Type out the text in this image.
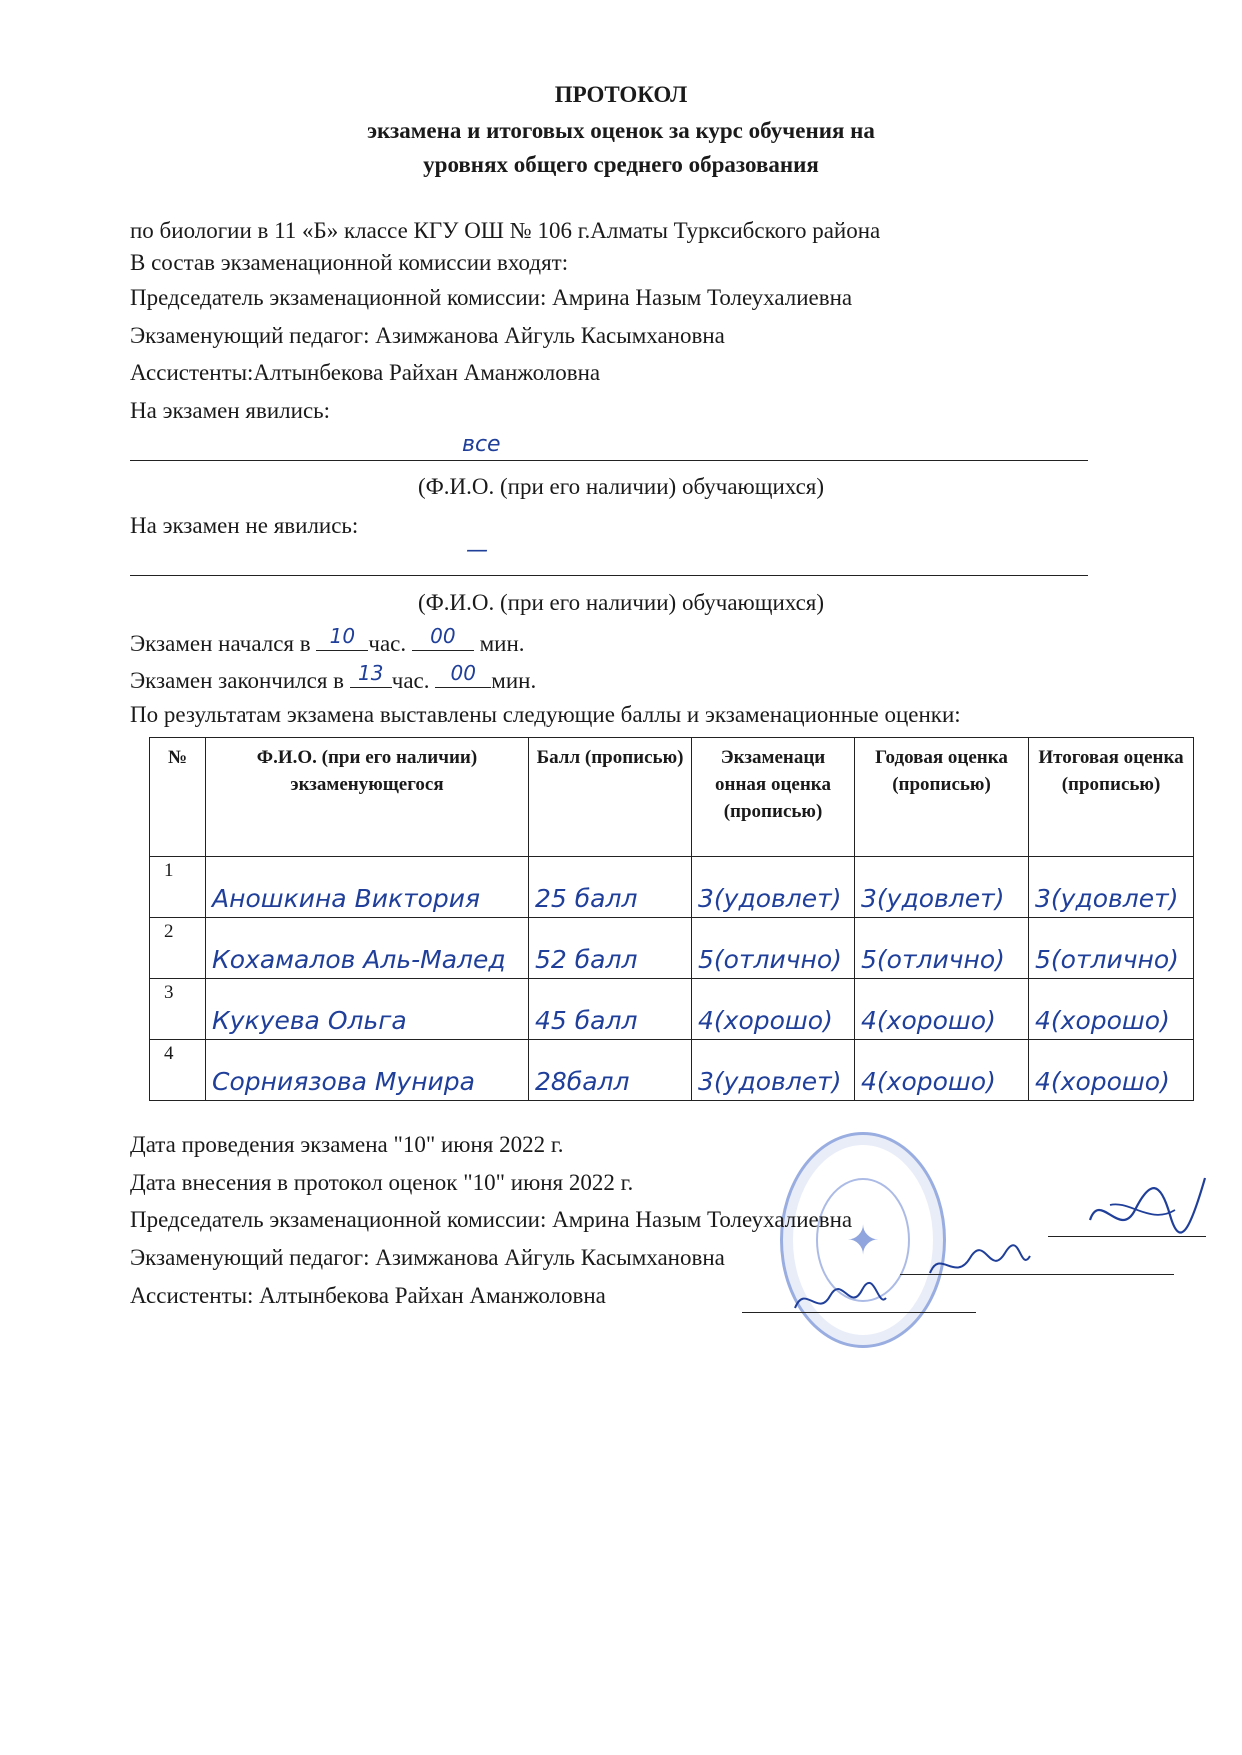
ПРОТОКОЛ
экзамена и итоговых оценок за курс обучения на
уровнях общего среднего образования
по биологии в 11 «Б» классе КГУ ОШ № 106 г.Алматы Турксибского района
В состав экзаменационной комиссии входят:
Председатель экзаменационной комиссии: Амрина Назым Толеухалиевна
Экзаменующий педагог: Азимжанова Айгуль Касымхановна
Ассистенты:Алтынбекова Райхан Аманжоловна
На экзамен явились:
все
(Ф.И.О. (при его наличии) обучающихся)
На экзамен не явились:
—
(Ф.И.О. (при его наличии) обучающихся)
Экзамен начался в 10 час.	00	мин.
Экзамен закончился в 13 час.	00 мин.
По результатам экзамена выставлены следующие баллы и экзаменационные оценки:
№	Ф.И.О. (при его наличии) экзаменующегося	Балл (прописью)	Экзаменаци онная оценка (прописью)	Годовая оценка (прописью)	Итоговая оценка (прописью)
1	Аношкина Виктория	25 балл	3(удовлет)	3(удовлет)	3(удовлет)

2	Кохамалов Аль-Малед	52 балл	5(отлично)	5(отлично)	5(отлично)

3	Кукуева Ольга	45 балл	4(хорошо)	4(хорошо)	4(хорошо)

4	Сорниязова Мунира	28балл	3(удовлет)	4(хорошо)	4(хорошо)
Дата проведения экзамена "10" июня 2022 г.
Дата внесения в протокол оценок "10" июня 2022 г.
✦
Председатель экзаменационной комиссии: Амрина Назым Толеухалиевна
Экзаменующий педагог: Азимжанова Айгуль Касымхановна
Ассистенты: Алтынбекова Райхан Аманжоловна
